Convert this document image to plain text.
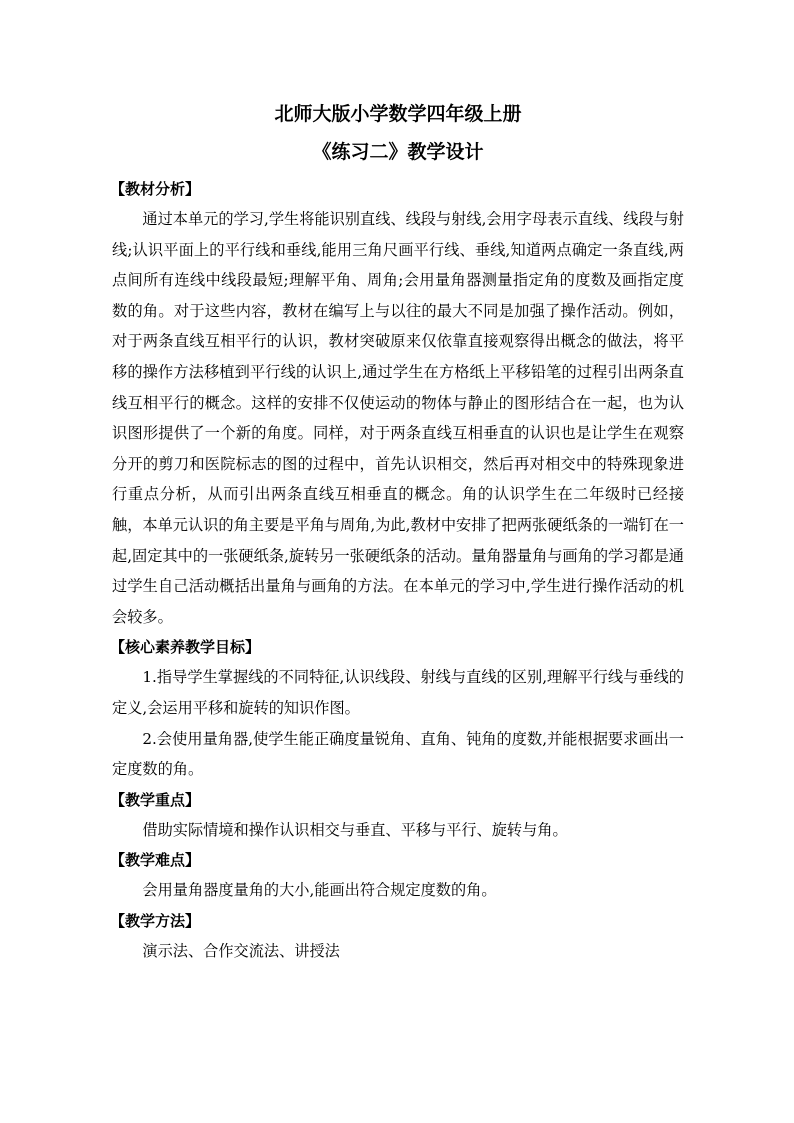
北师大版小学数学四年级上册
《练习二》教学设计
【教材分析】

通过本单元的学习,学生将能识别直线、线段与射线,会用字母表示直线、线段与射线;认识平面上的平行线和垂线,能用三角尺画平行线、垂线,知道两点确定一条直线,两点间所有连线中线段最短;理解平角、周角;会用量角器测量指定角的度数及画指定度数的角。对于这些内容，教材在编写上与以往的最大不同是加强了操作活动。例如，对于两条直线互相平行的认识，教材突破原来仅依靠直接观察得出概念的做法，将平移的操作方法移植到平行线的认识上,通过学生在方格纸上平移铅笔的过程引出两条直线互相平行的概念。这样的安排不仅使运动的物体与静止的图形结合在一起，也为认识图形提供了一个新的角度。同样，对于两条直线互相垂直的认识也是让学生在观察分开的剪刀和医院标志的图的过程中，首先认识相交，然后再对相交中的特殊现象进行重点分析，从而引出两条直线互相垂直的概念。角的认识学生在二年级时已经接触，本单元认识的角主要是平角与周角,为此,教材中安排了把两张硬纸条的一端钉在一起,固定其中的一张硬纸条,旋转另一张硬纸条的活动。量角器量角与画角的学习都是通过学生自己活动概括出量角与画角的方法。在本单元的学习中,学生进行操作活动的机会较多。

【核心素养教学目标】

1.指导学生掌握线的不同特征,认识线段、射线与直线的区别,理解平行线与垂线的定义,会运用平移和旋转的知识作图。

2.会使用量角器,使学生能正确度量锐角、直角、钝角的度数,并能根据要求画出一定度数的角。

【教学重点】

借助实际情境和操作认识相交与垂直、平移与平行、旋转与角。

【教学难点】

会用量角器度量角的大小,能画出符合规定度数的角。

【教学方法】

演示法、合作交流法、讲授法
